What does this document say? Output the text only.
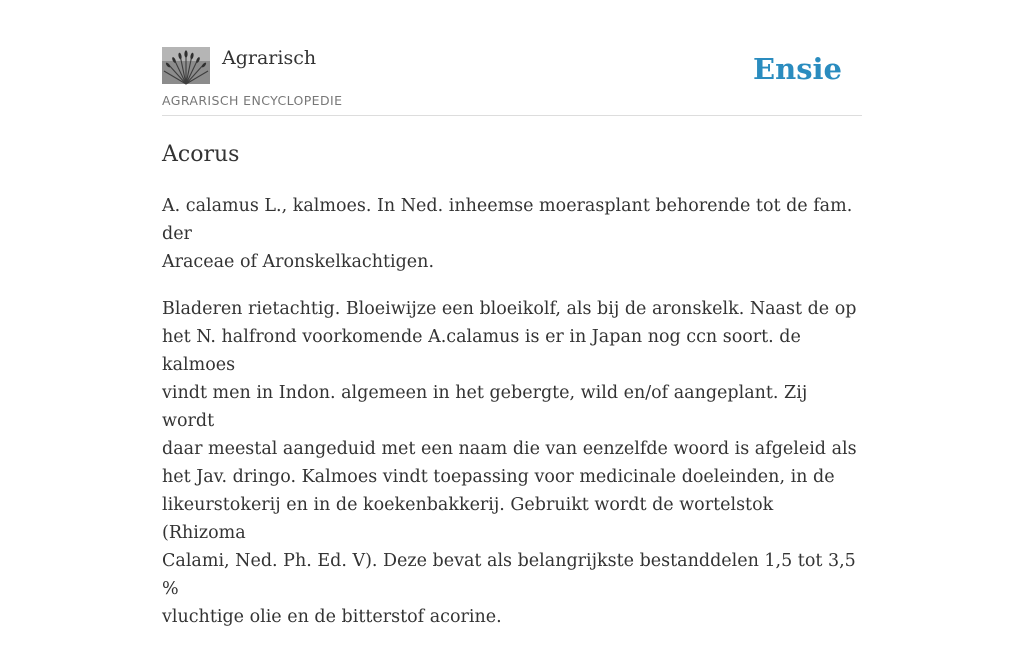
Agrarisch
AGRARISCH ENCYCLOPEDIE
Ensie
Acorus

A. calamus L., kalmoes. In Ned. inheemse moerasplant behorende tot de fam. der
Araceae of Aronskelkachtigen.

Bladeren rietachtig. Bloeiwijze een bloeikolf, als bij de aronskelk. Naast de op
het N. halfrond voorkomende A.calamus is er in Japan nog ccn soort. de kalmoes
vindt men in Indon. algemeen in het gebergte, wild en/of aangeplant. Zij wordt
daar meestal aangeduid met een naam die van eenzelfde woord is afgeleid als
het Jav. dringo. Kalmoes vindt toepassing voor medicinale doeleinden, in de
likeurstokerij en in de koekenbakkerij. Gebruikt wordt de wortelstok (Rhizoma
Calami, Ned. Ph. Ed. V). Deze bevat als belangrijkste bestanddelen 1,5 tot 3,5 %
vluchtige olie en de bitterstof acorine.
